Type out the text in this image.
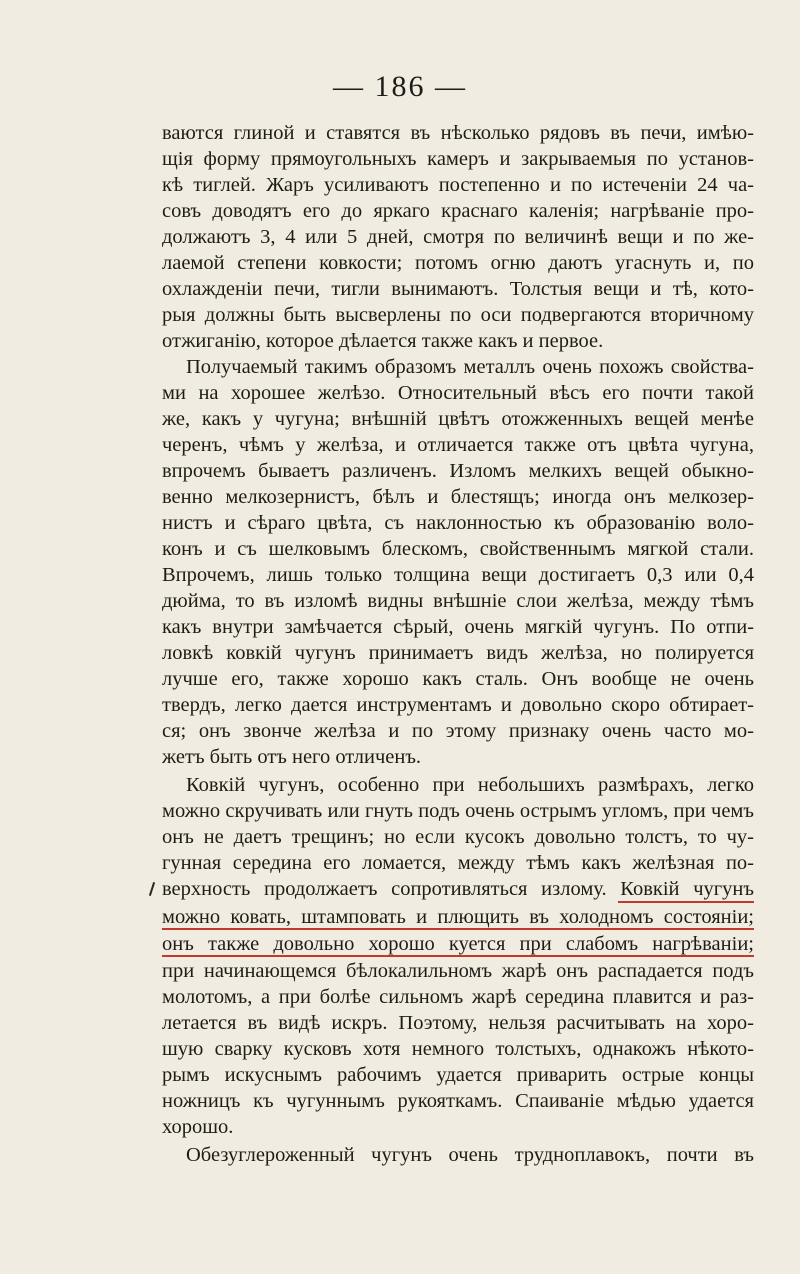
— 186 —
ваются глиной и ставятся въ нѣсколько рядовъ въ печи, имѣю-
щія форму прямоугольныхъ камеръ и закрываемыя по установ-
кѣ тиглей. Жаръ усиливаютъ постепенно и по истеченіи 24 ча-
совъ доводятъ его до яркаго краснаго каленія; нагрѣваніе про-
должаютъ 3, 4 или 5 дней, смотря по величинѣ вещи и по же-
лаемой степени ковкости; потомъ огню даютъ угаснуть и, по
охлажденіи печи, тигли вынимаютъ. Толстыя вещи и тѣ, кото-
рыя должны быть высверлены по оси подвергаются вторичному
отжиганію, которое дѣлается также какъ и первое.
Получаемый такимъ образомъ металлъ очень похожъ свойства-
ми на хорошее желѣзо. Относительный вѣсъ его почти такой
же, какъ у чугуна; внѣшній цвѣтъ отожженныхъ вещей менѣе
черенъ, чѣмъ у желѣза, и отличается также отъ цвѣта чугуна,
впрочемъ бываетъ различенъ. Изломъ мелкихъ вещей обыкно-
венно мелкозернистъ, бѣлъ и блестящъ; иногда онъ мелкозер-
нистъ и сѣраго цвѣта, съ наклонностью къ образованію воло-
конъ и съ шелковымъ блескомъ, свойственнымъ мягкой стали.
Впрочемъ, лишь только толщина вещи достигаетъ 0,3 или 0,4
дюйма, то въ изломѣ видны внѣшніе слои желѣза, между тѣмъ
какъ внутри замѣчается сѣрый, очень мягкій чугунъ. По отпи-
ловкѣ ковкій чугунъ принимаетъ видъ желѣза, но полируется
лучше его, также хорошо какъ сталь. Онъ вообще не очень
твердъ, легко дается инструментамъ и довольно скоро обтирает-
ся; онъ звонче желѣза и по этому признаку очень часто мо-
жетъ быть отъ него отличенъ.
Ковкій чугунъ, особенно при небольшихъ размѣрахъ, легко
можно скручивать или гнуть подъ очень острымъ угломъ, при чемъ
онъ не даетъ трещинъ; но если кусокъ довольно толстъ, то чу-
гунная середина его ломается, между тѣмъ какъ желѣзная по-
верхность продолжаетъ сопротивляться излому. Ковкій чугунъ
можно ковать, штамповать и плющить въ холодномъ состояніи;
онъ также довольно хорошо куется при слабомъ нагрѣваніи;
при начинающемся бѣлокалильномъ жарѣ онъ распадается подъ
молотомъ, а при болѣе сильномъ жарѣ середина плавится и раз-
летается въ видѣ искръ. Поэтому, нельзя расчитывать на хоро-
шую сварку кусковъ хотя немного толстыхъ, однакожъ нѣкото-
рымъ искуснымъ рабочимъ удается приварить острые концы
ножницъ къ чугуннымъ рукояткамъ. Спаиваніе мѣдью удается
хорошо.
Обезуглероженный чугунъ очень трудноплавокъ, почти въ
